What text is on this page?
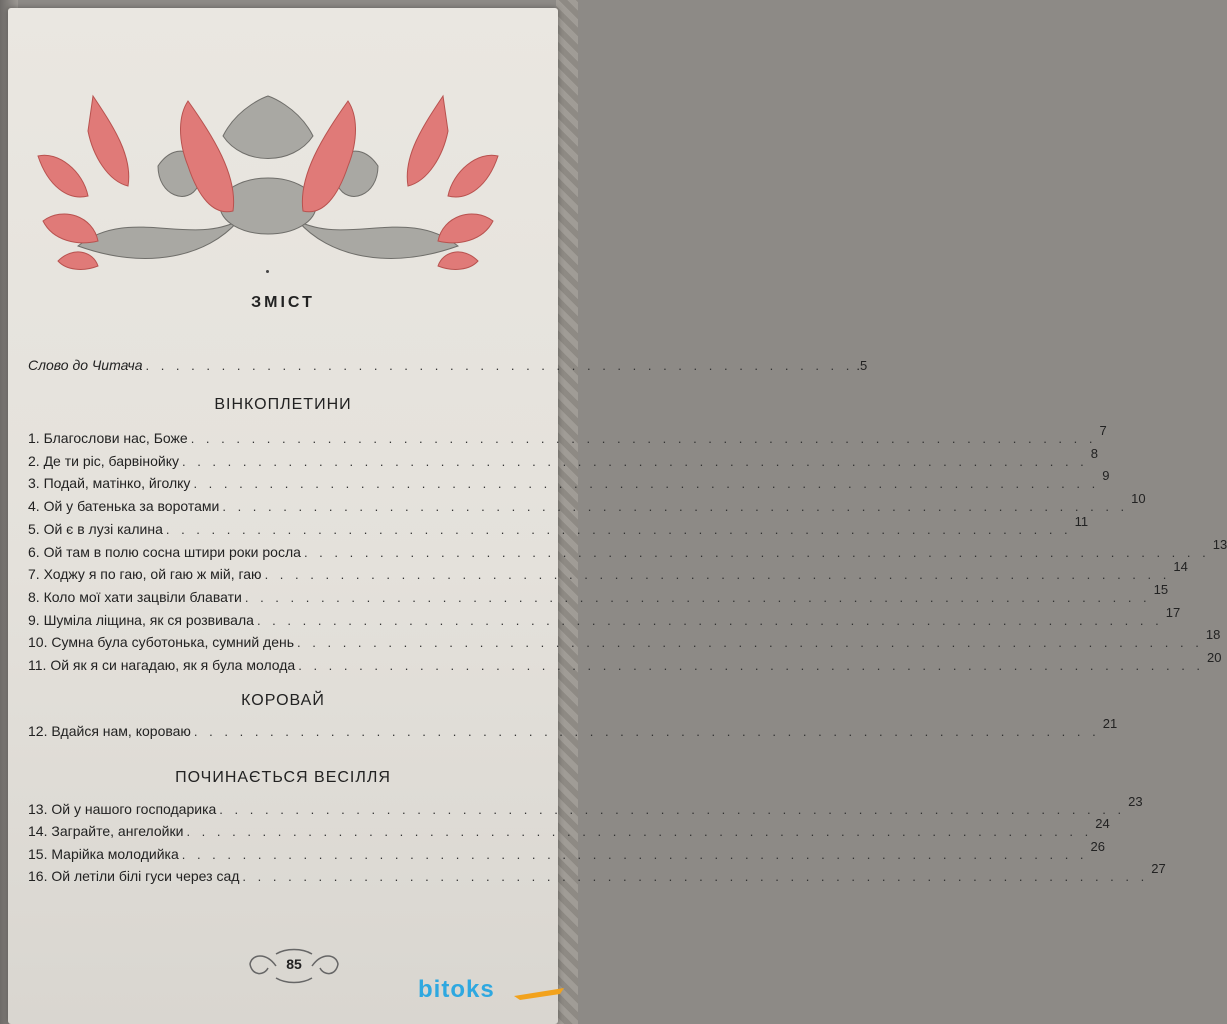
ЗМІСТ
Слово до Читача . . . . . . . . . . . . . . . . . . . . . . . . . . . . . . . . . . . . . . . . . . . . . . . .5
ВІНКОПЛЕТИНИ
1. Благослови нас, Боже . . . . . . . . . . . . . . . . . . . . . . . . . . . . . . . . . . . . . . . . . . . . . . . . . . . . . . . . . . . .
7
2. Де ти ріс, барвінойку . . . . . . . . . . . . . . . . . . . . . . . . . . . . . . . . . . . . . . . . . . . . . . . . . . . . . . . . . . . .
8
3. Подай, матінко, йголку . . . . . . . . . . . . . . . . . . . . . . . . . . . . . . . . . . . . . . . . . . . . . . . . . . . . . . . . . . . .
9
4. Ой у батенька за воротами . . . . . . . . . . . . . . . . . . . . . . . . . . . . . . . . . . . . . . . . . . . . . . . . . . . . . . . . . . . .
10
5. Ой є в лузі калина . . . . . . . . . . . . . . . . . . . . . . . . . . . . . . . . . . . . . . . . . . . . . . . . . . . . . . . . . . . .
11
6. Ой там в полю сосна штири роки росла . . . . . . . . . . . . . . . . . . . . . . . . . . . . . . . . . . . . . . . . . . . . . . . . . . . . . . . . . . . .
13
7. Ходжу я по гаю, ой гаю ж мій, гаю . . . . . . . . . . . . . . . . . . . . . . . . . . . . . . . . . . . . . . . . . . . . . . . . . . . . . . . . . . . .
14
8. Коло мої хати зацвіли блавати . . . . . . . . . . . . . . . . . . . . . . . . . . . . . . . . . . . . . . . . . . . . . . . . . . . . . . . . . . . .
15
9. Шуміла ліщина, як ся розвивала . . . . . . . . . . . . . . . . . . . . . . . . . . . . . . . . . . . . . . . . . . . . . . . . . . . . . . . . . . . .
17
10. Сумна була суботонька, сумний день . . . . . . . . . . . . . . . . . . . . . . . . . . . . . . . . . . . . . . . . . . . . . . . . . . . . . . . . . . . .
18
11. Ой як я си нагадаю, як я була молода . . . . . . . . . . . . . . . . . . . . . . . . . . . . . . . . . . . . . . . . . . . . . . . . . . . . . . . . . . . .
20
КОРОВАЙ
12. Вдайся нам, короваю . . . . . . . . . . . . . . . . . . . . . . . . . . . . . . . . . . . . . . . . . . . . . . . . . . . . . . . . . . . .
21
ПОЧИНАЄТЬСЯ ВЕСІЛЛЯ
13. Ой у нашого господарика . . . . . . . . . . . . . . . . . . . . . . . . . . . . . . . . . . . . . . . . . . . . . . . . . . . . . . . . . . . .
23
14. Заграйте, ангелойки . . . . . . . . . . . . . . . . . . . . . . . . . . . . . . . . . . . . . . . . . . . . . . . . . . . . . . . . . . . .
24
15. Марійка молодийка . . . . . . . . . . . . . . . . . . . . . . . . . . . . . . . . . . . . . . . . . . . . . . . . . . . . . . . . . . . .
26
16. Ой летіли білі гуси через сад . . . . . . . . . . . . . . . . . . . . . . . . . . . . . . . . . . . . . . . . . . . . . . . . . . . . . . . . . . . .
27
85
bitoks
